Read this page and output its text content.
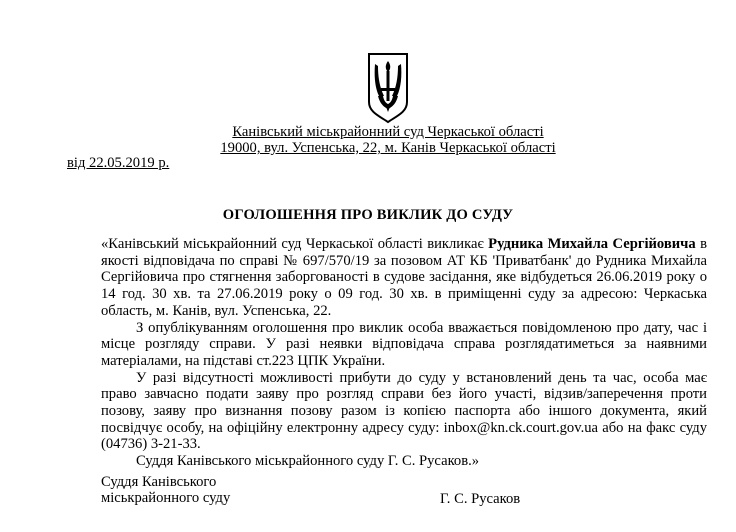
Канівський міськрайонний суд Черкаської області
19000, вул. Успенська, 22, м. Канів Черкаської області
від 22.05.2019 р.
ОГОЛОШЕННЯ ПРО ВИКЛИК ДО СУДУ

«Канівський міськрайонний суд Черкаської області викликає Рудника Михайла Сергійовича в якості відповідача по справі № 697/570/19 за позовом АТ КБ 'Приватбанк' до Рудника Михайла Сергійовича про стягнення заборгованості в судове засідання, яке відбудеться 26.06.2019 року о 14 год. 30 хв. та 27.06.2019 року о 09 год. 30 хв. в приміщенні суду за адресою: Черкаська область, м. Канів, вул. Успенська, 22.

З опублікуванням оголошення про виклик особа вважається повідомленою про дату, час і місце розгляду справи. У разі неявки відповідача справа розглядатиметься за наявними матеріалами, на підставі ст.223 ЦПК України.

У разі відсутності можливості прибути до суду у встановлений день та час, особа має право завчасно подати заяву про розгляд справи без його участі, відзив/заперечення проти позову, заяву про визнання позову разом із копією паспорта або іншого документа, який посвідчує особу, на офіційну електронну адресу суду: inbox@kn.ck.court.gov.ua або на факс суду (04736) 3-21-33.

Суддя Канівського міськрайонного суду Г. С. Русаков.»

Суддя Канівського
міськрайонного суду	Г. С. Русаков
